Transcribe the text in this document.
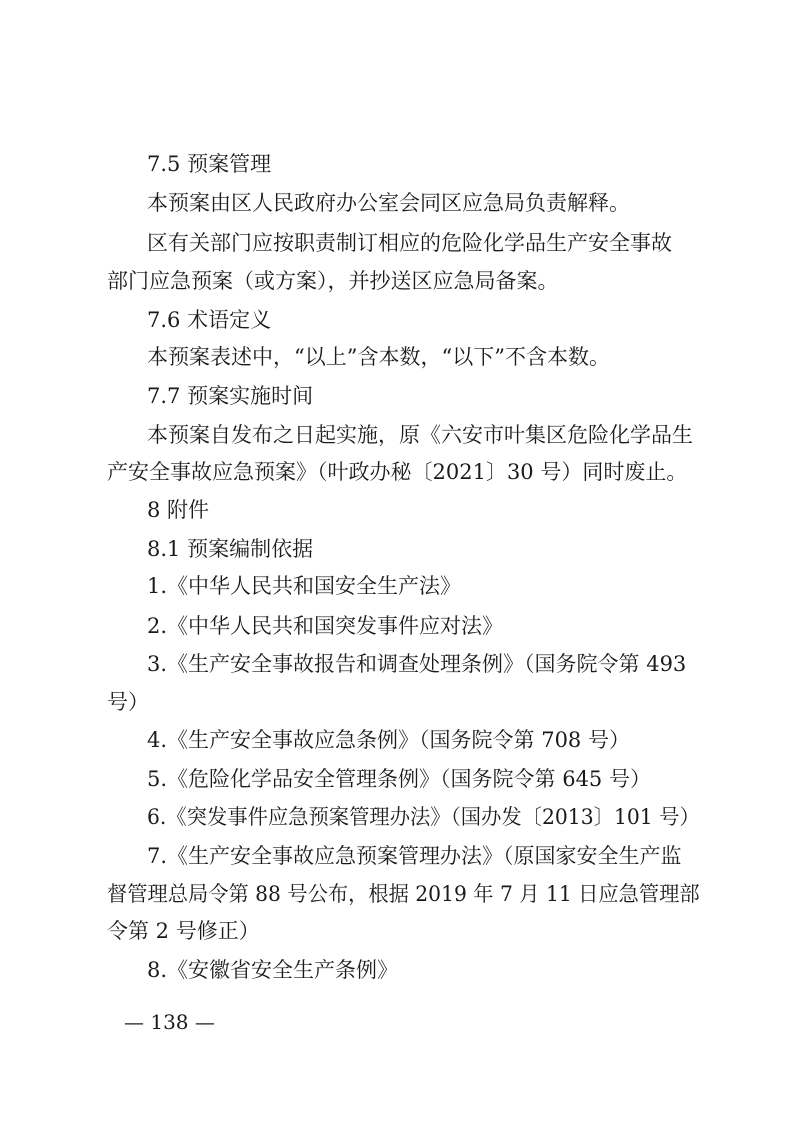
7.5 预案管理
本预案由区人民政府办公室会同区应急局负责解释。
区有关部门应按职责制订相应的危险化学品生产安全事故
部门应急预案（或方案），并抄送区应急局备案。
7.6 术语定义
本预案表述中，“以上”含本数，“以下”不含本数。
7.7 预案实施时间
本预案自发布之日起实施，原《六安市叶集区危险化学品生
产安全事故应急预案》（叶政办秘〔2021〕30 号）同时废止。
8 附件
8.1 预案编制依据
1.《中华人民共和国安全生产法》
2.《中华人民共和国突发事件应对法》
3.《生产安全事故报告和调查处理条例》（国务院令第 493
号）
4.《生产安全事故应急条例》（国务院令第 708 号）
5.《危险化学品安全管理条例》（国务院令第 645 号）
6.《突发事件应急预案管理办法》（国办发〔2013〕101 号）
7.《生产安全事故应急预案管理办法》（原国家安全生产监
督管理总局令第 88 号公布，根据 2019 年 7 月 11 日应急管理部
令第 2 号修正）
8.《安徽省安全生产条例》
— 138 —
